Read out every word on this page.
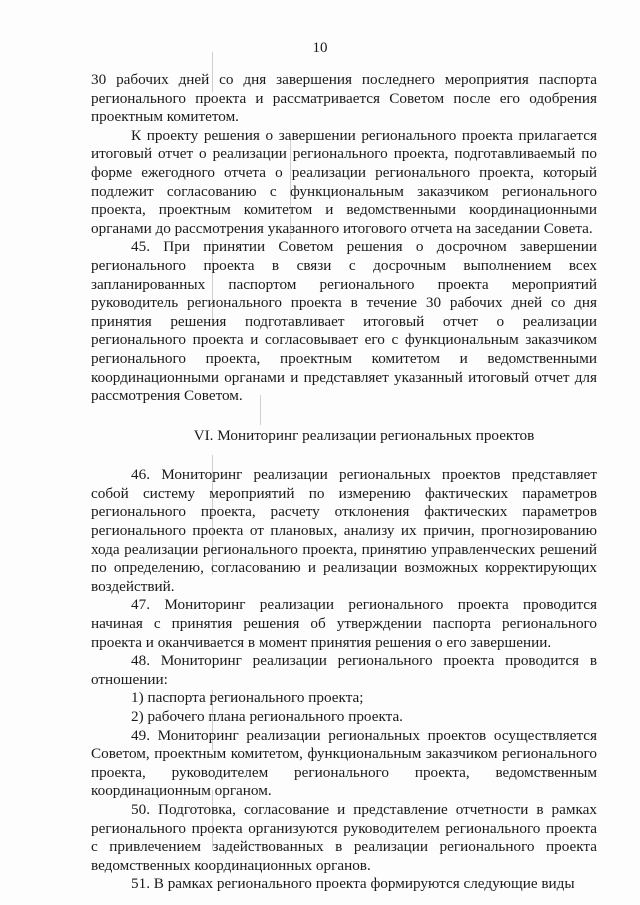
10

30 рабочих дней со дня завершения последнего мероприятия паспорта регионального проекта и рассматривается Советом после его одобрения проектным комитетом.

К проекту решения о завершении регионального проекта прилагается итоговый отчет о реализации регионального проекта, подготавливаемый по форме ежегодного отчета о реализации регионального проекта, который подлежит согласованию с функциональным заказчиком регионального проекта, проектным комитетом и ведомственными координационными органами до рассмотрения указанного итогового отчета на заседании Совета.

45. При принятии Советом решения о досрочном завершении регионального проекта в связи с досрочным выполнением всех запланированных паспортом регионального проекта мероприятий руководитель регионального проекта в течение 30 рабочих дней со дня принятия решения подготавливает итоговый отчет о реализации регионального проекта и согласовывает его с функциональным заказчиком регионального проекта, проектным комитетом и ведомственными координационными органами и представляет указанный итоговый отчет для рассмотрения Советом.

VI. Мониторинг реализации региональных проектов

46. Мониторинг реализации региональных проектов представляет собой систему мероприятий по измерению фактических параметров регионального проекта, расчету отклонения фактических параметров регионального проекта от плановых, анализу их причин, прогнозированию хода реализации регионального проекта, принятию управленческих решений по определению, согласованию и реализации возможных корректирующих воздействий.

47. Мониторинг реализации регионального проекта проводится начиная с принятия решения об утверждении паспорта регионального проекта и оканчивается в момент принятия решения о его завершении.

48. Мониторинг реализации регионального проекта проводится в отношении:

1) паспорта регионального проекта;

2) рабочего плана регионального проекта.

49. Мониторинг реализации региональных проектов осуществляется Советом, проектным комитетом, функциональным заказчиком регионального проекта, руководителем регионального проекта, ведомственным координационным органом.

50. Подготовка, согласование и представление отчетности в рамках регионального проекта организуются руководителем регионального проекта с привлечением задействованных в реализации регионального проекта ведомственных координационных органов.

51. В рамках регионального проекта формируются следующие виды
